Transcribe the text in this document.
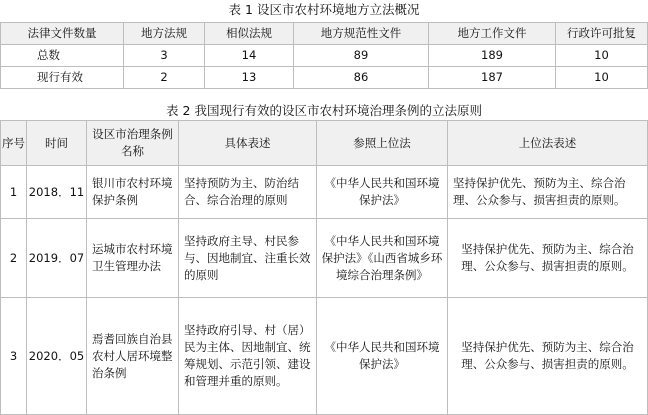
表 1 设区市农村环境地方立法概况
法律文件数量	地方法规	相似法规	地方规范性文件	地方工作文件	行政许可批复
总数	3	14	89	189	10
现行有效	2	13	86	187	10
表 2 我国现行有效的设区市农村环境治理条例的立法原则
序号	时间	设区市治理条例名称	具体表述	参照上位法	上位法表述
1	2018．11	银川市农村环境保护条例	坚持预防为主、防治结合、综合治理的原则	《中华人民共和国环境保护法》	坚持保护优先、预防为主、综合治理、公众参与、损害担责的原则。
2	2019．07	运城市农村环境卫生管理办法	坚持政府主导、村民参与、因地制宜、注重长效的原则	《中华人民共和国环境保护法》《山西省城乡环境综合治理条例》	坚持保护优先、预防为主、综合治理、公众参与、损害担责的原则。
3	2020．05	焉耆回族自治县农村人居环境整治条例	坚持政府引导、村（居）民为主体、因地制宜、统筹规划、示范引领、建设和管理并重的原则。	《中华人民共和国环境保护法》	坚持保护优先、预防为主、综合治理、公众参与、损害担责的原则。
